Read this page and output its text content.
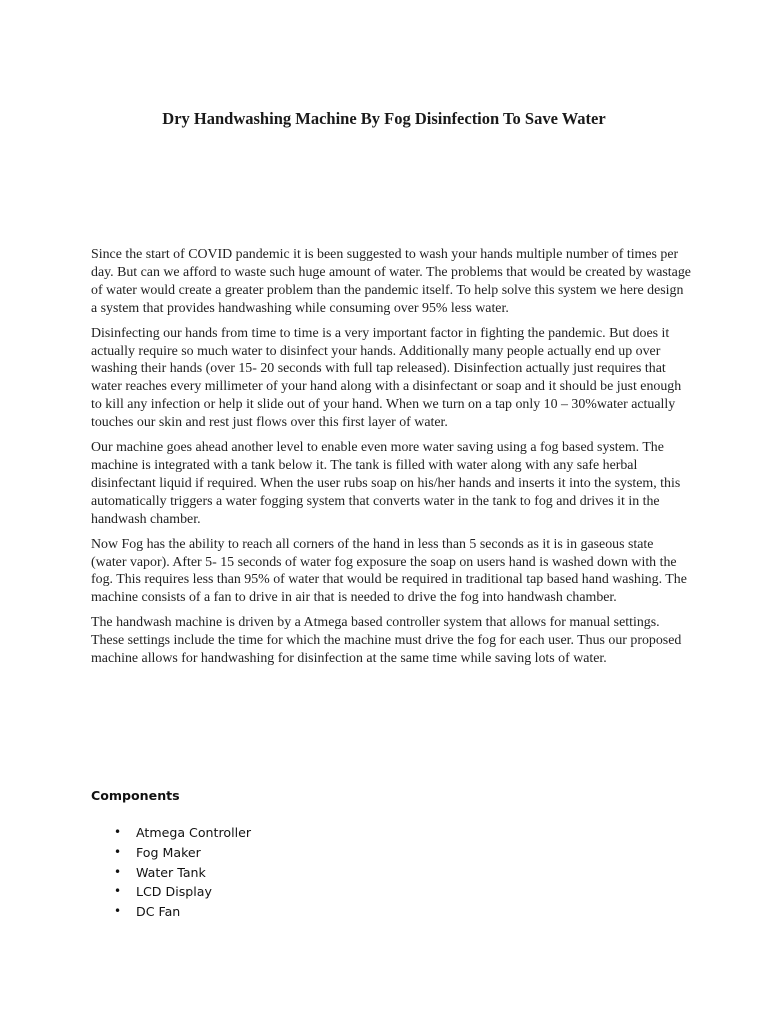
Dry Handwashing Machine By Fog Disinfection To Save Water

Since the start of COVID pandemic it is been suggested to wash your hands multiple number of times per day. But can we afford to waste such huge amount of water. The problems that would be created by wastage of water would create a greater problem than the pandemic itself. To help solve this system we here design a system that provides handwashing while consuming over 95% less water.

Disinfecting our hands from time to time is a very important factor in fighting the pandemic. But does it actually require so much water to disinfect your hands. Additionally many people actually end up over washing their hands (over 15- 20 seconds with full tap released). Disinfection actually just requires that water reaches every millimeter of your hand along with a disinfectant or soap and it should be just enough to kill any infection or help it slide out of your hand. When we turn on a tap only 10 – 30%water actually touches our skin and rest just flows over this first layer of water.

Our machine goes ahead another level to enable even more water saving using a fog based system. The machine is integrated with a tank below it. The tank is filled with water along with any safe herbal disinfectant liquid if required. When the user rubs soap on his/her hands and inserts it into the system, this automatically triggers a water fogging system that converts water in the tank to fog and drives it in the handwash chamber.

Now Fog has the ability to reach all corners of the hand in less than 5 seconds as it is in gaseous state (water vapor). After 5- 15 seconds of water fog exposure the soap on users hand is washed down with the fog. This requires less than 95% of water that would be required in traditional tap based hand washing. The machine consists of a fan to drive in air that is needed to drive the fog into handwash chamber.

The handwash machine is driven by a Atmega based controller system that allows for manual settings. These settings include the time for which the machine must drive the fog for each user. Thus our proposed machine allows for handwashing for disinfection at the same time while saving lots of water.

Components
• Atmega Controller
• Fog Maker
• Water Tank
• LCD Display
• DC Fan
